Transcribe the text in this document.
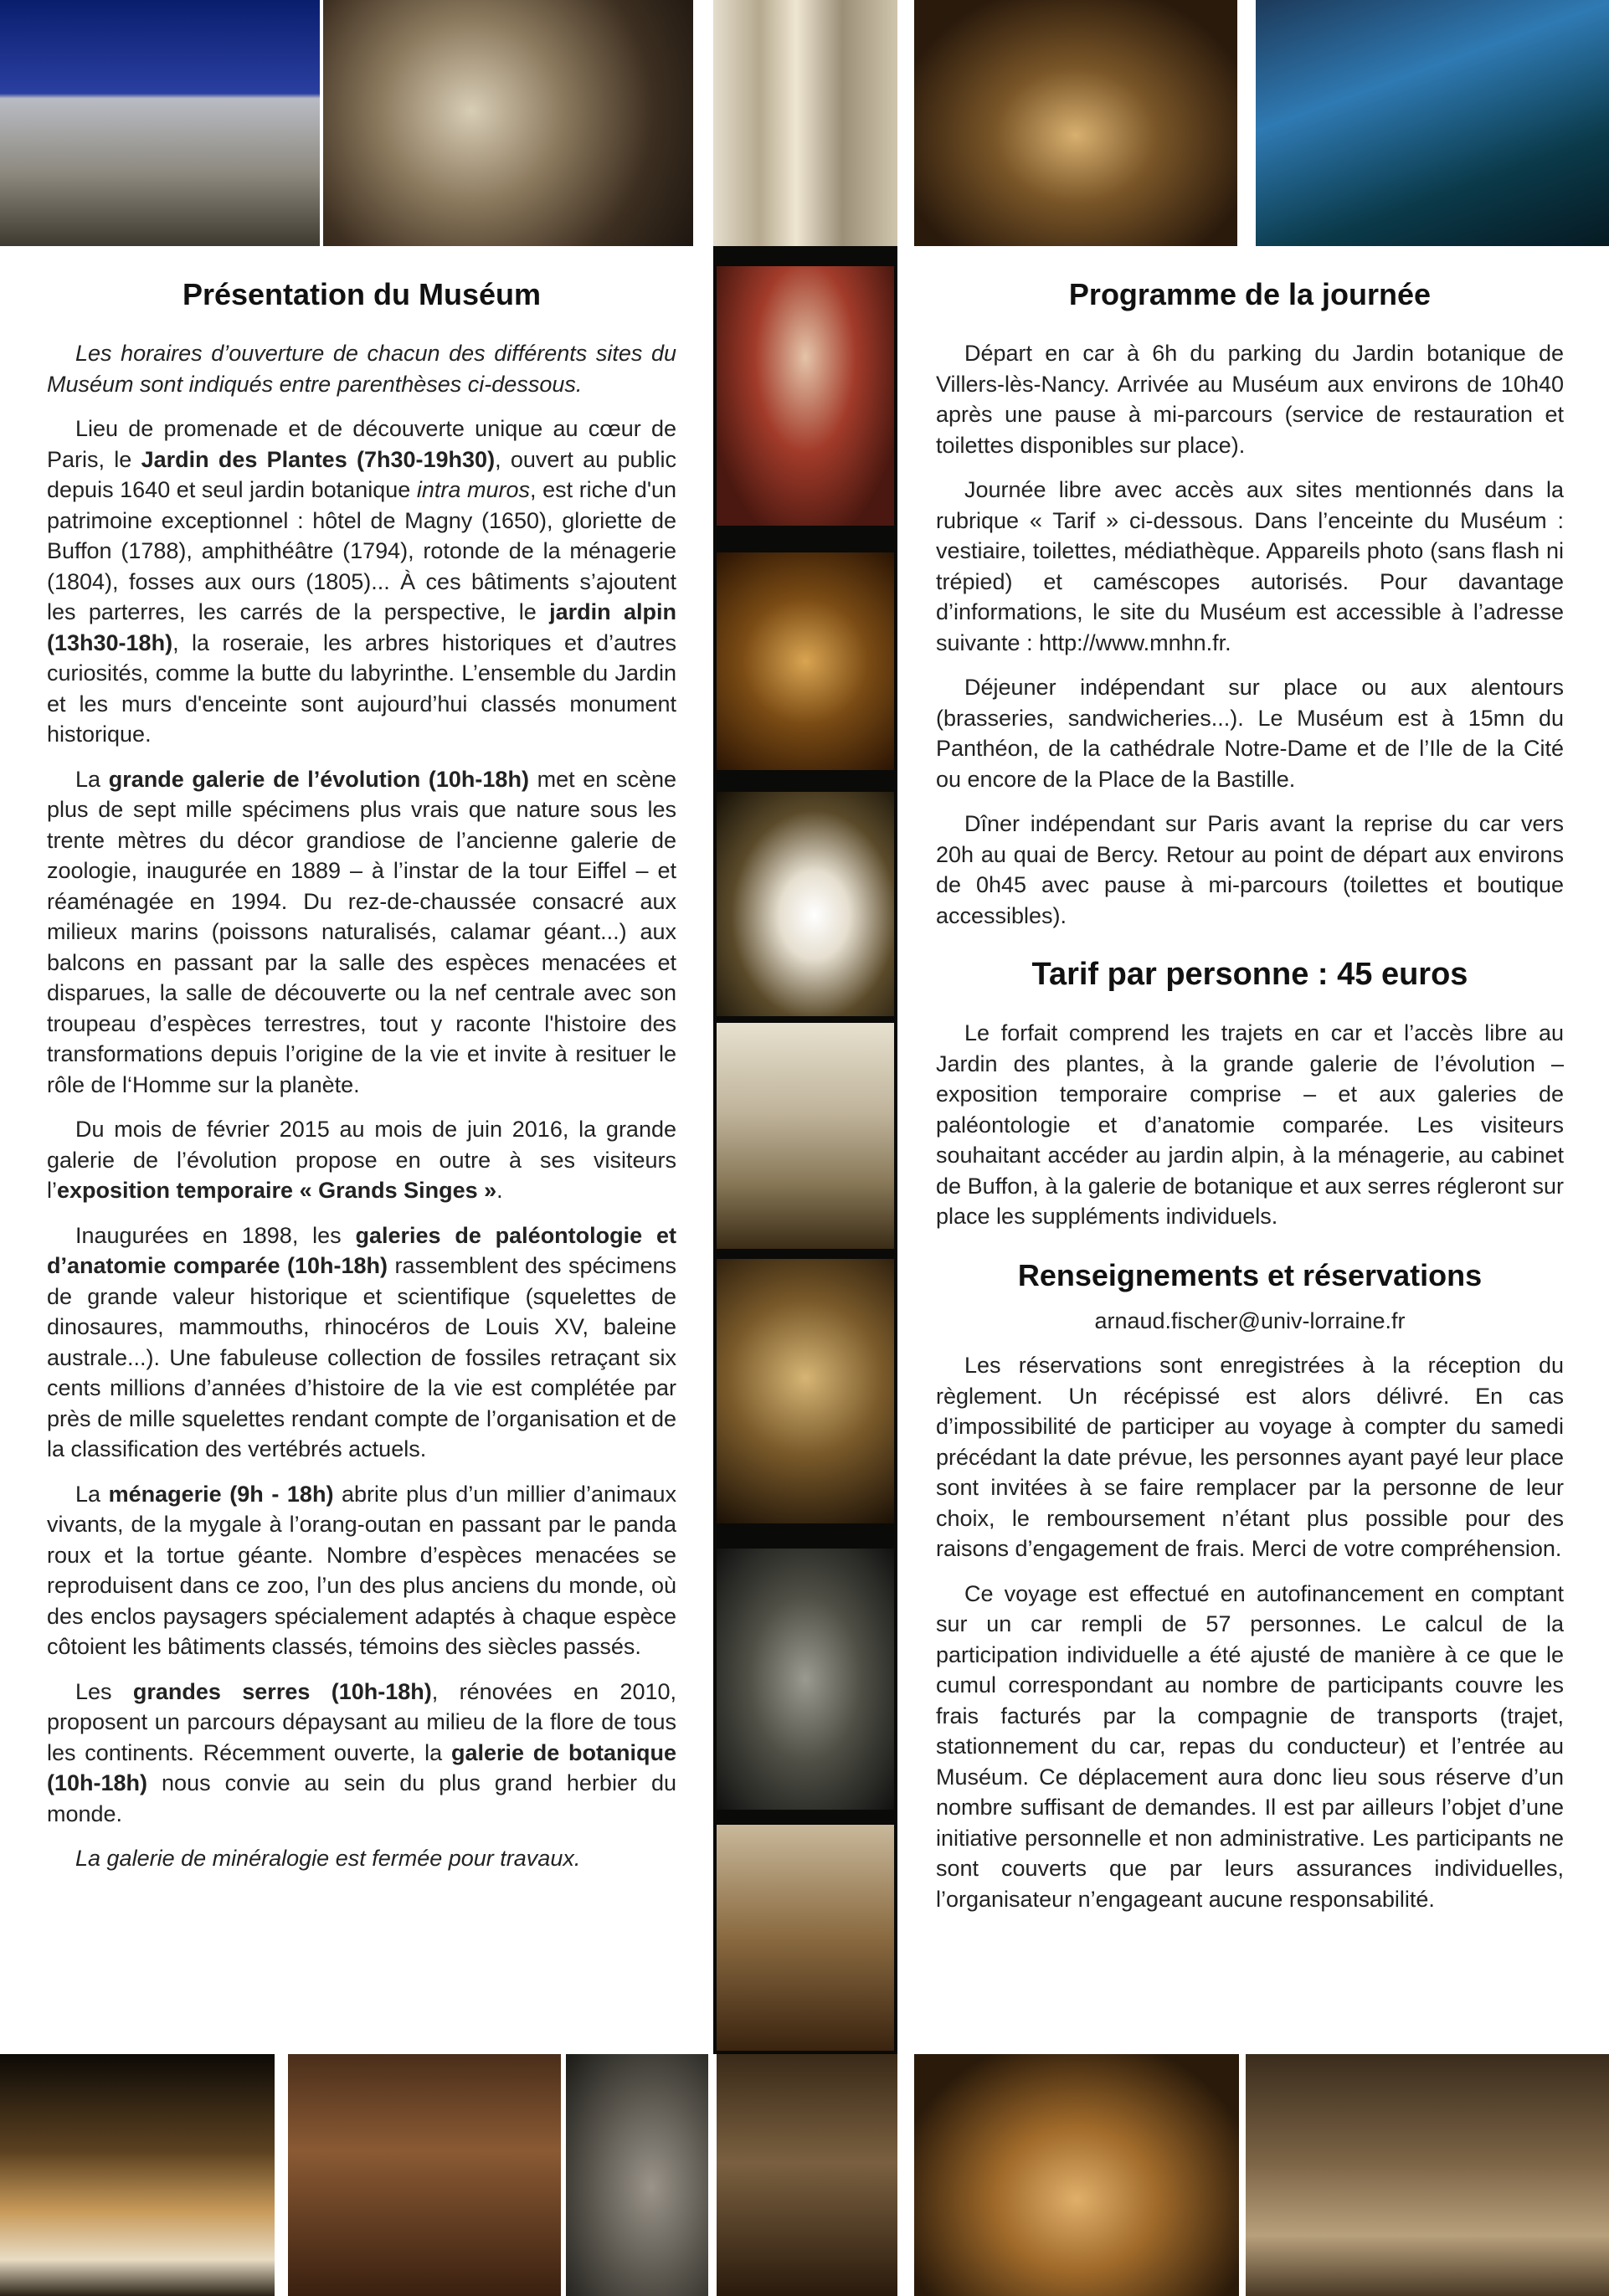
Présentation du Muséum

Les horaires d’ouverture de chacun des différents sites du Muséum sont indiqués entre parenthèses ci-dessous.

Lieu de promenade et de découverte unique au cœur de Paris, le Jardin des Plantes (7h30-19h30), ouvert au public depuis 1640 et seul jardin botanique intra muros, est riche d'un patrimoine exceptionnel : hôtel de Magny (1650), gloriette de Buffon (1788), amphithéâtre (1794), rotonde de la ménagerie (1804), fosses aux ours (1805)... À ces bâtiments s’ajoutent les parterres, les carrés de la perspective, le jardin alpin (13h30-18h), la roseraie, les arbres historiques et d’autres curiosités, comme la butte du labyrinthe. L’ensemble du Jardin et les murs d'enceinte sont aujourd’hui classés monument historique.

La grande galerie de l’évolution (10h-18h) met en scène plus de sept mille spécimens plus vrais que nature sous les trente mètres du décor grandiose de l’ancienne galerie de zoologie, inaugurée en 1889 – à l’instar de la tour Eiffel – et réaménagée en 1994. Du rez-de-chaussée consacré aux milieux marins (poissons naturalisés, calamar géant...) aux balcons en passant par la salle des espèces menacées et disparues, la salle de découverte ou la nef centrale avec son troupeau d’espèces terrestres, tout y raconte l'histoire des transformations depuis l’origine de la vie et invite à resituer le rôle de l‘Homme sur la planète.

Du mois de février 2015 au mois de juin 2016, la grande galerie de l’évolution propose en outre à ses visiteurs l’exposition temporaire « Grands Singes ».

Inaugurées en 1898, les galeries de paléontologie et d’anatomie comparée (10h-18h) rassemblent des spécimens de grande valeur historique et scientifique (squelettes de dinosaures, mammouths, rhinocéros de Louis XV, baleine australe...). Une fabuleuse collection de fossiles retraçant six cents millions d’années d’histoire de la vie est complétée par près de mille squelettes rendant compte de l’organisation et de la classification des vertébrés actuels.

La ménagerie (9h - 18h) abrite plus d’un millier d’animaux vivants, de la mygale à l’orang-outan en passant par le panda roux et la tortue géante. Nombre d’espèces menacées se reproduisent dans ce zoo, l’un des plus anciens du monde, où des enclos paysagers spécialement adaptés à chaque espèce côtoient les bâtiments classés, témoins des siècles passés.

Les grandes serres (10h-18h), rénovées en 2010, proposent un parcours dépaysant au milieu de la flore de tous les continents. Récemment ouverte, la galerie de botanique (10h-18h) nous convie au sein du plus grand herbier du monde.

La galerie de minéralogie est fermée pour travaux.

Programme de la journée

Départ en car à 6h du parking du Jardin botanique de Villers-lès-Nancy. Arrivée au Muséum aux environs de 10h40 après une pause à mi-parcours (service de restauration et toilettes disponibles sur place).

Journée libre avec accès aux sites mentionnés dans la rubrique « Tarif » ci-dessous. Dans l’enceinte du Muséum : vestiaire, toilettes, médiathèque. Appareils photo (sans flash ni trépied) et caméscopes autorisés. Pour davantage d’informations, le site du Muséum est accessible à l’adresse suivante : http://www.mnhn.fr.

Déjeuner indépendant sur place ou aux alentours (brasseries, sandwicheries...). Le Muséum est à 15mn du Panthéon, de la cathédrale Notre-Dame et de l’Ile de la Cité ou encore de la Place de la Bastille.

Dîner indépendant sur Paris avant la reprise du car vers 20h au quai de Bercy. Retour au point de départ aux environs de 0h45 avec pause à mi-parcours (toilettes et boutique accessibles).

Tarif par personne : 45 euros

Le forfait comprend les trajets en car et l’accès libre au Jardin des plantes, à la grande galerie de l’évolution – exposition temporaire comprise – et aux galeries de paléontologie et d’anatomie comparée. Les visiteurs souhaitant accéder au jardin alpin, à la ménagerie, au cabinet de Buffon, à la galerie de botanique et aux serres régleront sur place les suppléments individuels.

Renseignements et réservations

arnaud.fischer@univ-lorraine.fr

Les réservations sont enregistrées à la réception du règlement. Un récépissé est alors délivré. En cas d’impossibilité de participer au voyage à compter du samedi précédant la date prévue, les personnes ayant payé leur place sont invitées à se faire remplacer par la personne de leur choix, le remboursement n’étant plus possible pour des raisons d’engagement de frais. Merci de votre compréhension.

Ce voyage est effectué en autofinancement en comptant sur un car rempli de 57 personnes. Le calcul de la participation individuelle a été ajusté de manière à ce que le cumul correspondant au nombre de participants couvre les frais facturés par la compagnie de transports (trajet, stationnement du car, repas du conducteur) et l’entrée au Muséum. Ce déplacement aura donc lieu sous réserve d’un nombre suffisant de demandes. Il est par ailleurs l’objet d’une initiative personnelle et non administrative. Les participants ne sont couverts que par leurs assurances individuelles, l’organisateur n’engageant aucune responsabilité.
